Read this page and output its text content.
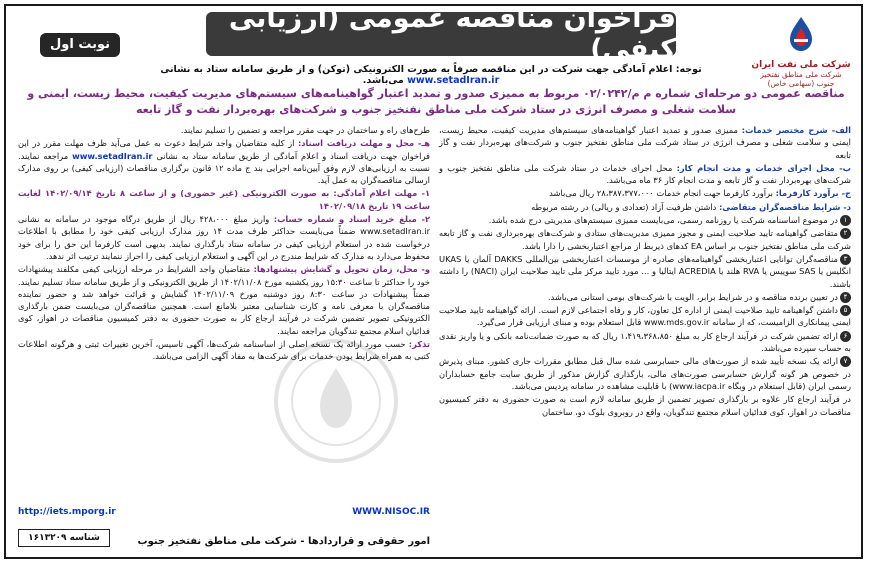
فراخوان مناقصه عمومی (ارزیابی کیفی)
نوبت اول
شرکت ملی نفت ایران
شرکت ملی مناطق نفتخیز جنوب (سهامی خاص)
توجه: اعلام آمادگی جهت شرکت در این مناقصه صرفاً به صورت الکترونیکی (توکن) و از طریق سامانه ستاد به نشانی www.setadIran.ir می‌باشد.
مناقصه عمومی دو مرحله‌ای شماره م م/۰۲/۰۲۴۲ مربوط به ممیزی صدور و تمدید اعتبار گواهینامه‌های سیستم‌های مدیریت کیفیت، محیط زیست، ایمنی و سلامت شغلی و مصرف انرژی در ستاد شرکت ملی مناطق نفتخیز جنوب و شرکت‌های بهره‌بردار نفت و گاز تابعه

الف- شرح مختصر خدمات: ممیزی صدور و تمدید اعتبار گواهینامه‌های سیستم‌های مدیریت کیفیت، محیط زیست، ایمنی و سلامت شغلی و مصرف انرژی در ستاد شرکت ملی مناطق نفتخیز جنوب و شرکت‌های بهره‌بردار نفت و گاز تابعه

ب- محل اجرای خدمات و مدت انجام کار: محل اجرای خدمات در ستاد شرکت ملی مناطق نفتخیز جنوب و شرکت‌های بهره‌بردار نفت و گاز تابعه و مدت انجام کار ۳۶ ماه می‌باشد.

ج- برآورد کارفرما: برآورد کارفرما جهت انجام خدمات ۲۸،۳۸۷،۳۷۷،۰۰۰ ریال می‌باشد

د- شرایط مناقصه‌گران متقاضی: داشتن ظرفیت آزاد (تعدادی و ریالی) در رشته مربوطه

۱در موضوع اساسنامه شرکت یا روزنامه رسمی، می‌بایست ممیزی سیستم‌های مدیریتی درج شده باشد.

۲متقاضی گواهینامه تایید صلاحیت ایمنی و مجوز ممیزی مدیریت‌های ستادی و شرکت‌های بهره‌برداری نفت و گاز تابعه شرکت ملی مناطق نفتخیز جنوب بر اساس EA کدهای ذیربط از مراجع اعتباربخشی را دارا باشد.

۳مناقصه‌گران توانایی اعتباربخشی گواهینامه‌های صادره از موسسات اعتباربخشی بین‌المللی DAKKS آلمان یا UKAS انگلیس یا SAS سوییس یا RVA هلند یا ACREDIA ایتالیا و ... مورد تایید مرکز ملی تایید صلاحیت ایران (NACI) را داشته باشند.

۴در تعیین برنده مناقصه و در شرایط برابر، الویت با شرکت‌های بومی استانی می‌باشد.

۵داشتن گواهینامه تایید صلاحیت ایمنی از اداره کل تعاون، کار و رفاه اجتماعی لازم است. ارائه گواهینامه تایید صلاحیت ایمنی پیمانکاری الزامیست، که از سامانه www.mds.gov.ir قابل استعلام بوده و مبنای ارزیابی قرار می‌گیرد.

۶ارائه تضمین شرکت در فرآیند ارجاع کار به مبلغ ۱،۴۱۹،۳۶۸،۸۵۰ ریال که به صورت ضمانت‌نامه بانکی و یا واریز نقدی به حساب سپرده می‌باشد.

۷ارائه یک نسخه تأیید شده از صورت‌های مالی حسابرسی شده سال قبل مطابق مقررات جاری کشور. مبنای پذیرش در خصوص هر گونه گزارش حسابرسی صورت‌های مالی، بارگذاری گزارش مذکور از طریق سایت جامع حسابداران رسمی ایران (قابل استعلام در وبگاه www.iacpa.ir) با قابلیت مشاهده در سامانه پردیس می‌باشد.

در فرآیند ارجاع کار علاوه بر بارگذاری تصویر تضمین از طریق سامانه لازم است به صورت حضوری به دفتر کمیسیون مناقصات در اهواز، کوی فدائیان اسلام مجتمع تندگویان، واقع در روبروی بلوک دو، ساختمان

طرح‌های راه و ساختمان در جهت مقرر مراجعه و تضمین را تسلیم نمایند.

هـ- محل و مهلت دریافت اسناد: از کلیه متقاضیان واجد شرایط دعوت به عمل می‌آید ظرف مهلت مقرر در این فراخوان جهت دریافت اسناد و اعلام آمادگی از طریق سامانه ستاد به نشانی www.setadIran.ir مراجعه نمایند. نسبت به ارزیابی‌های لازم وفق آیین‌نامه اجرایی بند ج ماده ۱۲ قانون برگزاری مناقصات (ارزیابی کیفی) بر روی مدارک ارسالی مناقصه‌گران به عمل آید.

۱- مهلت اعلام آمادگی: به صورت الکترونیکی (غیر حضوری) و از ساعت ۸ تاریخ ۱۴۰۲/۰۹/۱۴ لغایت ساعت ۱۹ تاریخ ۱۴۰۲/۰۹/۱۸

۲- مبلغ خرید اسناد و شماره حساب: واریز مبلغ ۴۲۸،۰۰۰ ریال از طریق درگاه موجود در سامانه به نشانی www.setadIran.ir ضمناً می‌بایست حداکثر ظرف مدت ۱۴ روز مدارک ارزیابی کیفی خود را مطابق با اطلاعات درخواست شده در استعلام ارزیابی کیفی در سامانه ستاد بارگذاری نمایند. بدیهی است کارفرما این حق را برای خود محفوظ می‌دارد به مدارک که شرایط مندرج در این آگهی و استعلام ارزیابی کیفی را احراز ننمایند ترتیب اثر ندهد.

و- محل، زمان تحویل و گشایش پیشنهادها: متقاضیان واجد الشرایط در مرحله ارزیابی کیفی مکلفند پیشنهادات خود را حداکثر تا ساعت ۱۵:۳۰ روز یکشنبه مورخ ۱۴۰۲/۱۱/۰۸ از طریق الکترونیکی و از طریق سامانه ستاد تسلیم نمایند. ضمناً پیشنهادات در ساعت ۸:۳۰ روز دوشنبه مورخ ۱۴۰۲/۱۱/۰۹ گشایش و قرائت خواهد شد و حضور نماینده مناقصه‌گران با معرفی نامه و کارت شناسایی معتبر بلامانع است. همچنین مناقصه‌گران می‌بایست ضمن بارگذاری الکترونیکی تصویر تضمین شرکت در فرآیند ارجاع کار به صورت حضوری به دفتر کمیسیون مناقصات در اهواز، کوی فدائیان اسلام مجتمع تندگویان مراجعه نمایند.

تذکر: حسب مورد ارائه یک نسخه اصلی از اساسنامه شرکت‌ها، آگهی تاسیس، آخرین تغییرات ثبتی و هرگونه اطلاعات کتبی به همراه شرایط بودن خدمات برای شرکت‌ها به مفاد آگهی الزامی می‌باشد.

WWW.NISOC.IR
http://iets.mporg.ir
امور حقوقی و قراردادها - شرکت ملی مناطق نفتخیز جنوب
شناسه ۱۶۱۳۲۰۹
